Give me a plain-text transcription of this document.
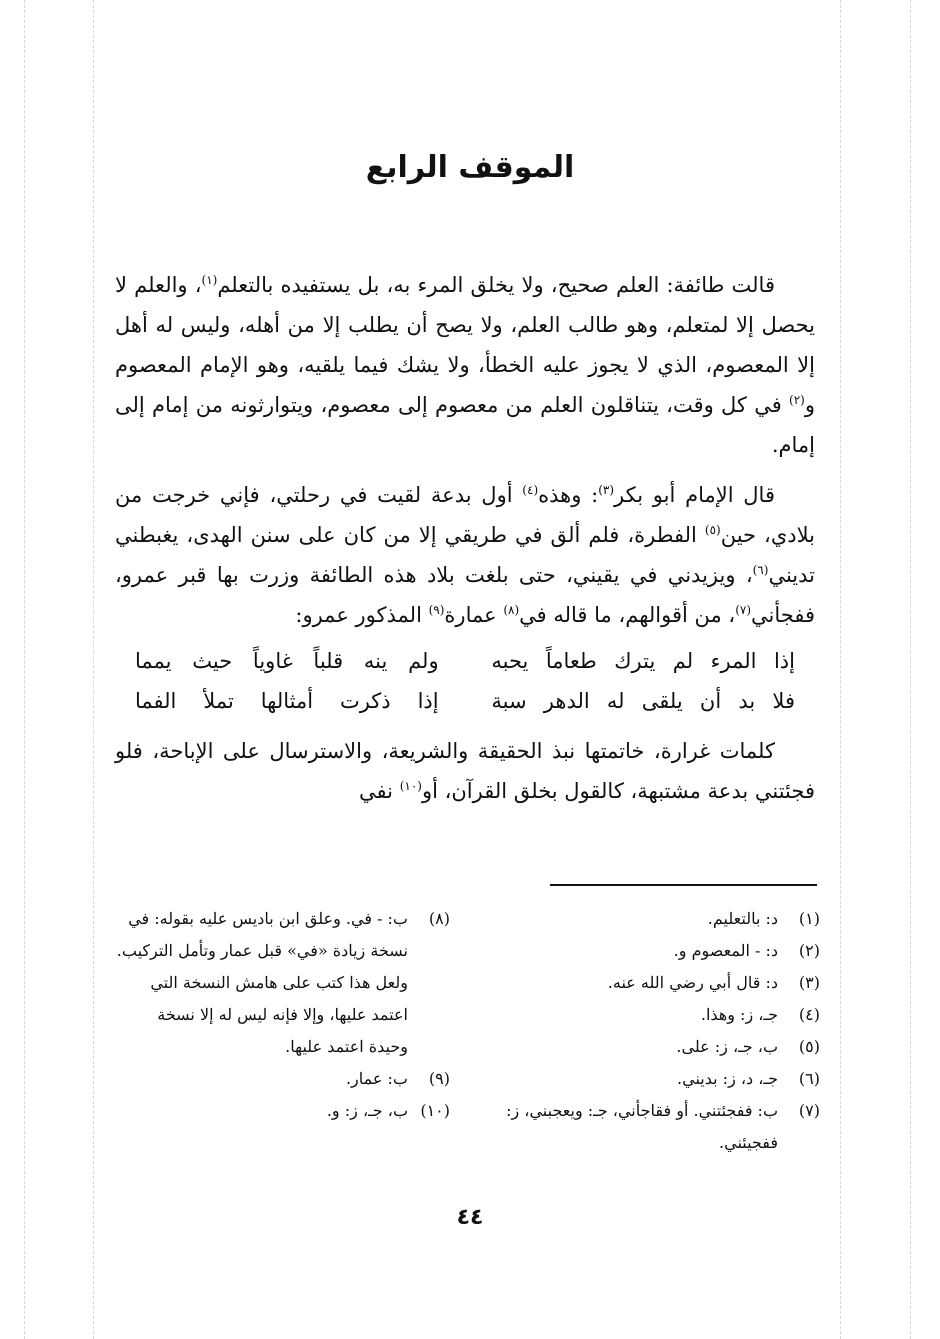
الموقف الرابع

قالت طائفة: العلم صحيح، ولا يخلق المرء به، بل يستفيده بالتعلم$^{(١)}$، والعلم لا يحصل إلا لمتعلم، وهو طالب العلم، ولا يصح أن يطلب إلا من أهله، وليس له أهل إلا المعصوم، الذي لا يجوز عليه الخطأ، ولا يشك فيما يلقيه، وهو الإمام المعصوم و$^{(٢)}$ في كل وقت، يتناقلون العلم من معصوم إلى معصوم، ويتوارثونه من إمام إلى إمام.

قال الإمام أبو بكر$^{(٣)}$: وهذه$^{(٤)}$ أول بدعة لقيت في رحلتي، فإني خرجت من بلادي، حين$^{(٥)}$ الفطرة، فلم ألق في طريقي إلا من كان على سنن الهدى، يغبطني تديني$^{(٦)}$، ويزيدني في يقيني، حتى بلغت بلاد هذه الطائفة وزرت بها قبر عمرو، ففجأني$^{(٧)}$، من أقوالهم، ما قاله في$^{(٨)}$ عمارة$^{(٩)}$ المذكور عمرو:

إذا المرء لم يترك طعاماً يحبه
ولم ينه قلباً غاوياً حيث يمما
فلا بد أن يلقى له الدهر سبة
إذا ذكرت أمثالها تملأ الفما

كلمات غرارة، خاتمتها نبذ الحقيقة والشريعة، والاسترسال على الإباحة، فلو فجئتني بدعة مشتبهة، كالقول بخلق القرآن، أو$^{(١٠)}$ نفي

(١)
د: بالتعليم.
(٢)
د: - المعصوم و.
(٣)
د: قال أبي رضي الله عنه.
(٤)
جـ، ز: وهذا.
(٥)
ب، جـ، ز: على.
(٦)
جـ، د، ز: بديني.
(٧)
ب: ففجئتني. أو فقاجأني، جـ: ويعجبني، ز: ففجيئني.
(٨)
ب: - في. وعلق ابن باديس عليه بقوله: في نسخة زيادة «في» قبل عمار وتأمل التركيب. ولعل هذا كتب على هامش النسخة التي اعتمد عليها، وإلا فإنه ليس له إلا نسخة وحيدة اعتمد عليها.
(٩)
ب: عمار.
(١٠)
ب، جـ، ز: و.
٤٤
